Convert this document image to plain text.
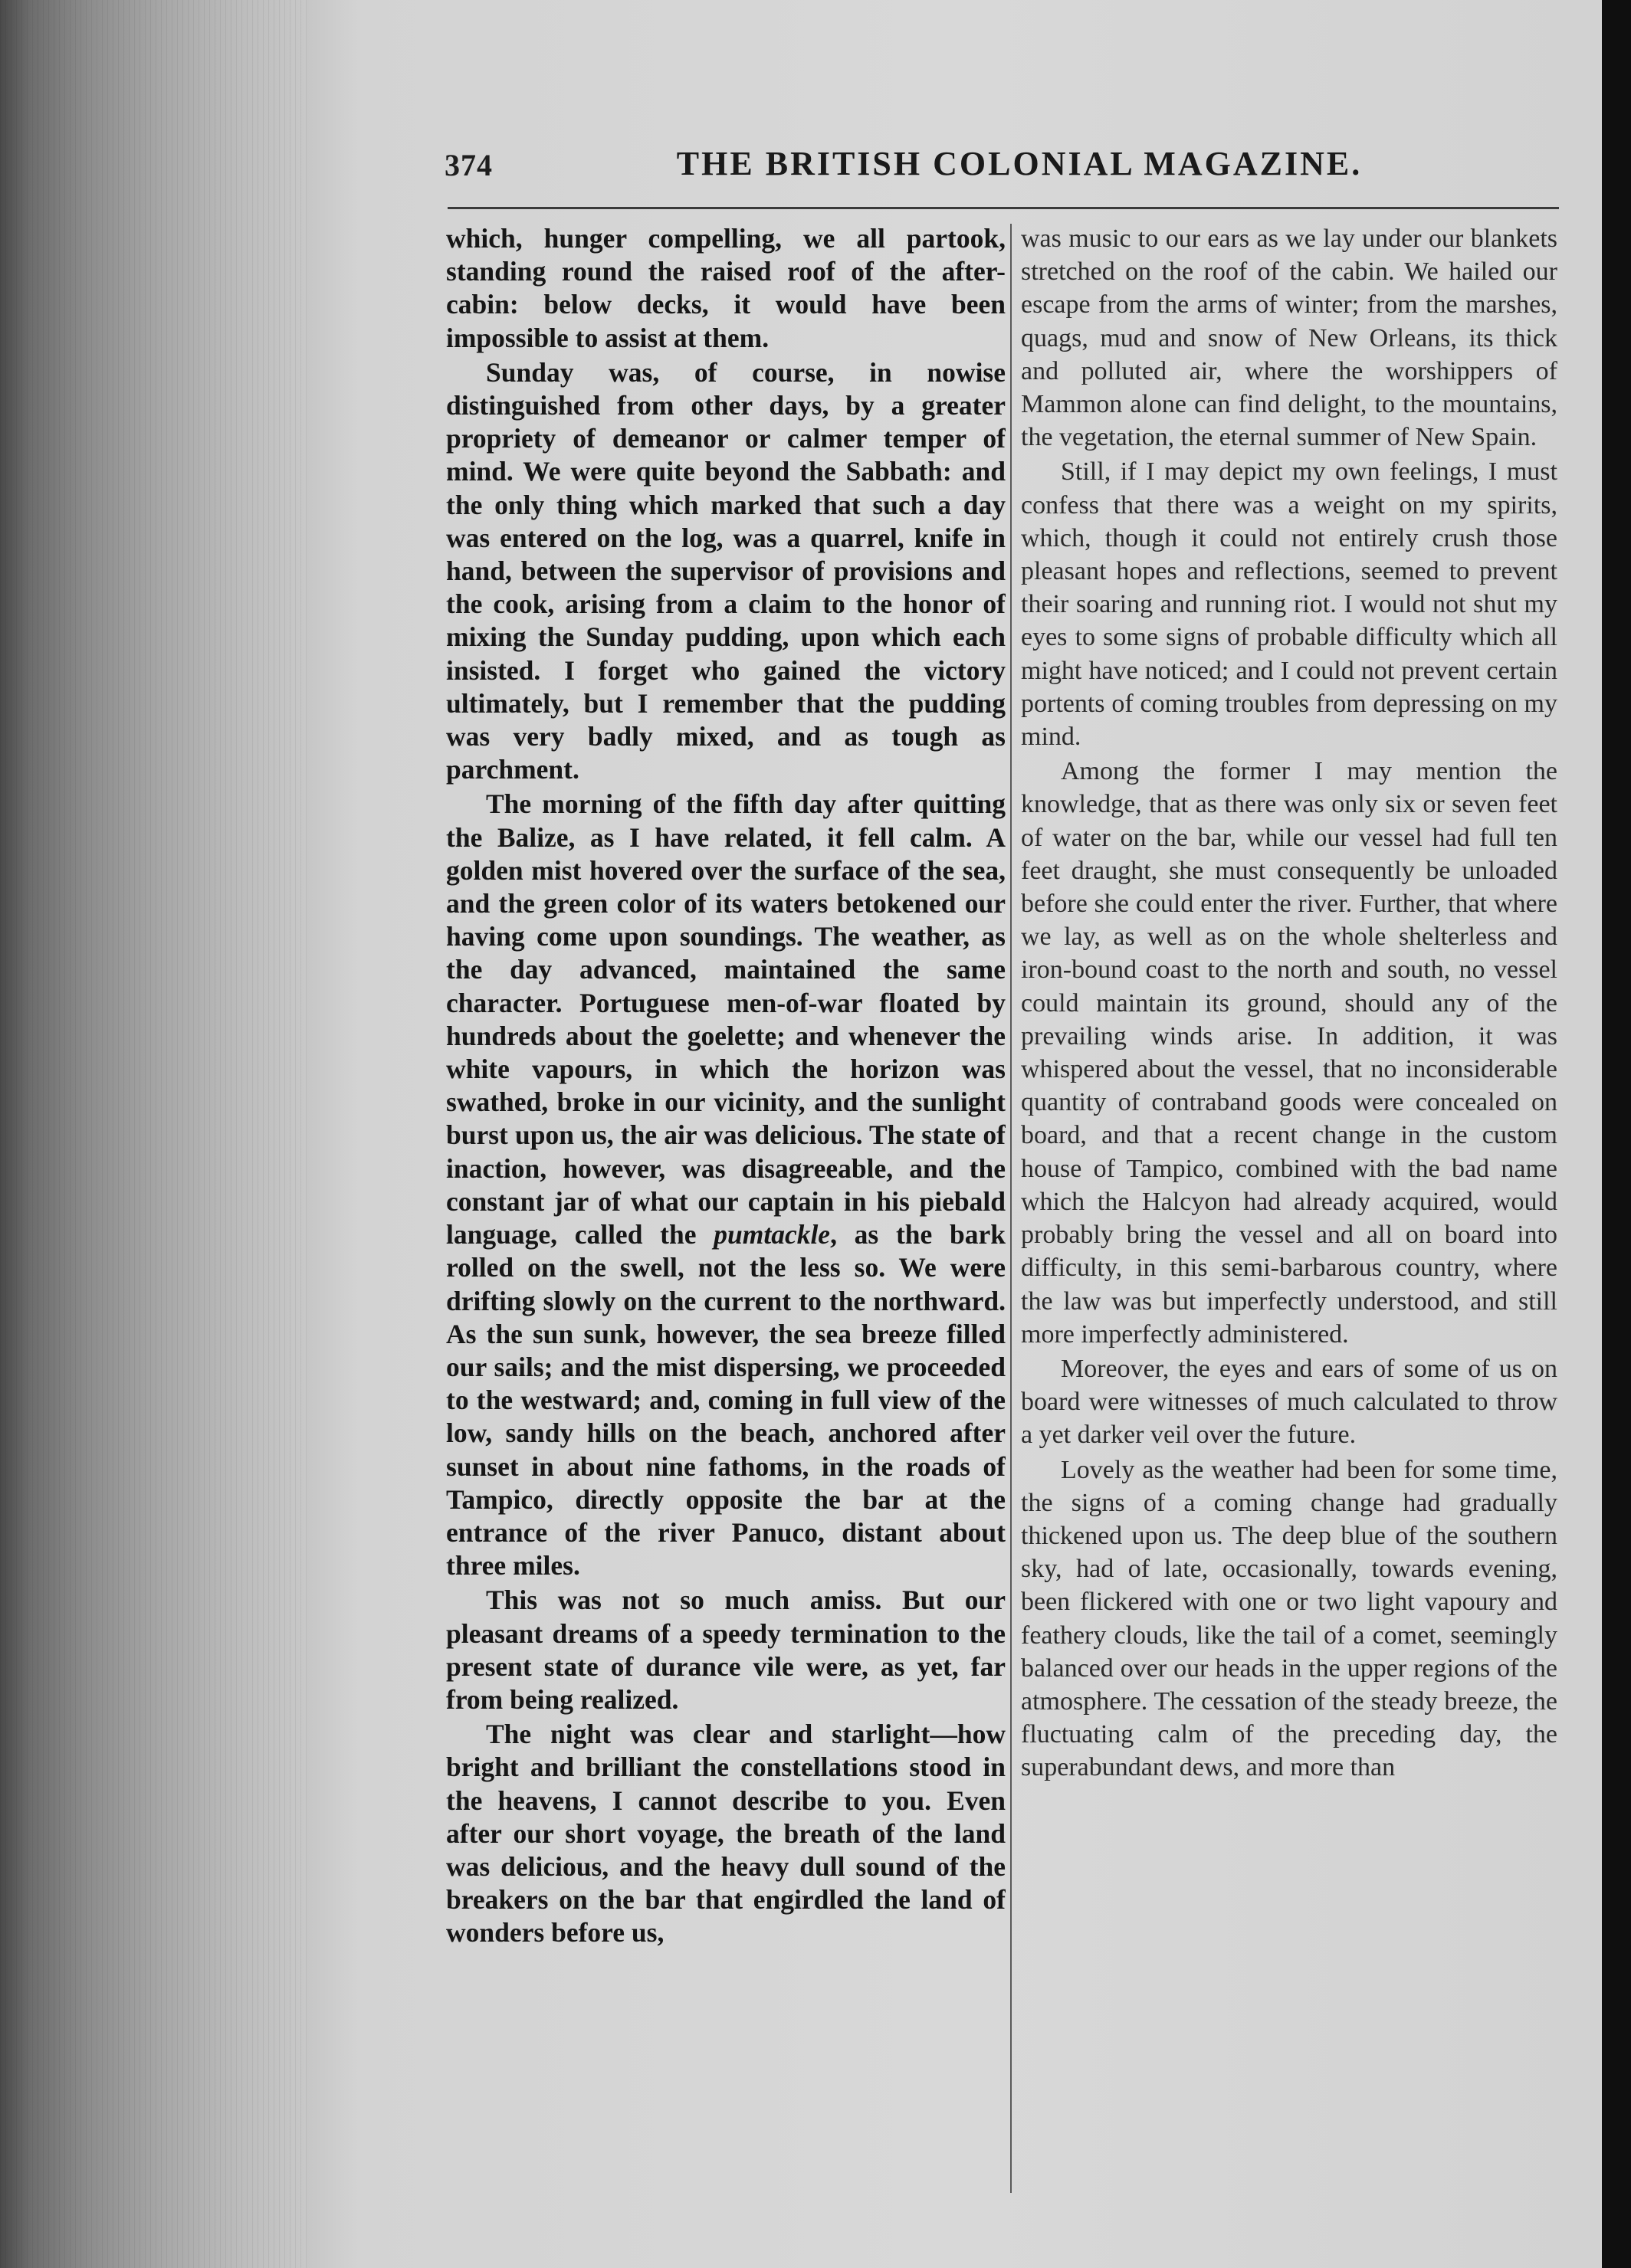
374	THE BRITISH COLONIAL MAGAZINE.

which, hunger compelling, we all partook, standing round the raised roof of the after-cabin: below decks, it would have been impossible to assist at them.

Sunday was, of course, in nowise distinguished from other days, by a greater propriety of demeanor or calmer temper of mind. We were quite beyond the Sabbath: and the only thing which marked that such a day was entered on the log, was a quarrel, knife in hand, between the supervisor of provisions and the cook, arising from a claim to the honor of mixing the Sunday pudding, upon which each insisted. I forget who gained the victory ultimately, but I remember that the pudding was very badly mixed, and as tough as parchment.

The morning of the fifth day after quitting the Balize, as I have related, it fell calm. A golden mist hovered over the surface of the sea, and the green color of its waters betokened our having come upon soundings. The weather, as the day advanced, maintained the same character. Portuguese men-of-war floated by hundreds about the goelette; and whenever the white vapours, in which the horizon was swathed, broke in our vicinity, and the sunlight burst upon us, the air was delicious. The state of inaction, however, was disagreeable, and the constant jar of what our captain in his piebald language, called the pumtackle, as the bark rolled on the swell, not the less so. We were drifting slowly on the current to the northward. As the sun sunk, however, the sea breeze filled our sails; and the mist dispersing, we proceeded to the westward; and, coming in full view of the low, sandy hills on the beach, anchored after sunset in about nine fathoms, in the roads of Tampico, directly opposite the bar at the entrance of the river Panuco, distant about three miles.

This was not so much amiss. But our pleasant dreams of a speedy termination to the present state of durance vile were, as yet, far from being realized.

The night was clear and starlight—how bright and brilliant the constellations stood in the heavens, I cannot describe to you. Even after our short voyage, the breath of the land was delicious, and the heavy dull sound of the breakers on the bar that engirdled the land of wonders before us,

was music to our ears as we lay under our blankets stretched on the roof of the cabin. We hailed our escape from the arms of winter; from the marshes, quags, mud and snow of New Orleans, its thick and polluted air, where the worshippers of Mammon alone can find delight, to the mountains, the vegetation, the eternal summer of New Spain.

Still, if I may depict my own feelings, I must confess that there was a weight on my spirits, which, though it could not entirely crush those pleasant hopes and reflections, seemed to prevent their soaring and running riot. I would not shut my eyes to some signs of probable difficulty which all might have noticed; and I could not prevent certain portents of coming troubles from depressing on my mind.

Among the former I may mention the knowledge, that as there was only six or seven feet of water on the bar, while our vessel had full ten feet draught, she must consequently be unloaded before she could enter the river. Further, that where we lay, as well as on the whole shelterless and iron-bound coast to the north and south, no vessel could maintain its ground, should any of the prevailing winds arise. In addition, it was whispered about the vessel, that no inconsiderable quantity of contraband goods were concealed on board, and that a recent change in the custom house of Tampico, combined with the bad name which the Halcyon had already acquired, would probably bring the vessel and all on board into difficulty, in this semi-barbarous country, where the law was but imperfectly understood, and still more imperfectly administered.

Moreover, the eyes and ears of some of us on board were witnesses of much calculated to throw a yet darker veil over the future.

Lovely as the weather had been for some time, the signs of a coming change had gradually thickened upon us. The deep blue of the southern sky, had of late, occasionally, towards evening, been flickered with one or two light vapoury and feathery clouds, like the tail of a comet, seemingly balanced over our heads in the upper regions of the atmosphere. The cessation of the steady breeze, the fluctuating calm of the preceding day, the superabundant dews, and more than
